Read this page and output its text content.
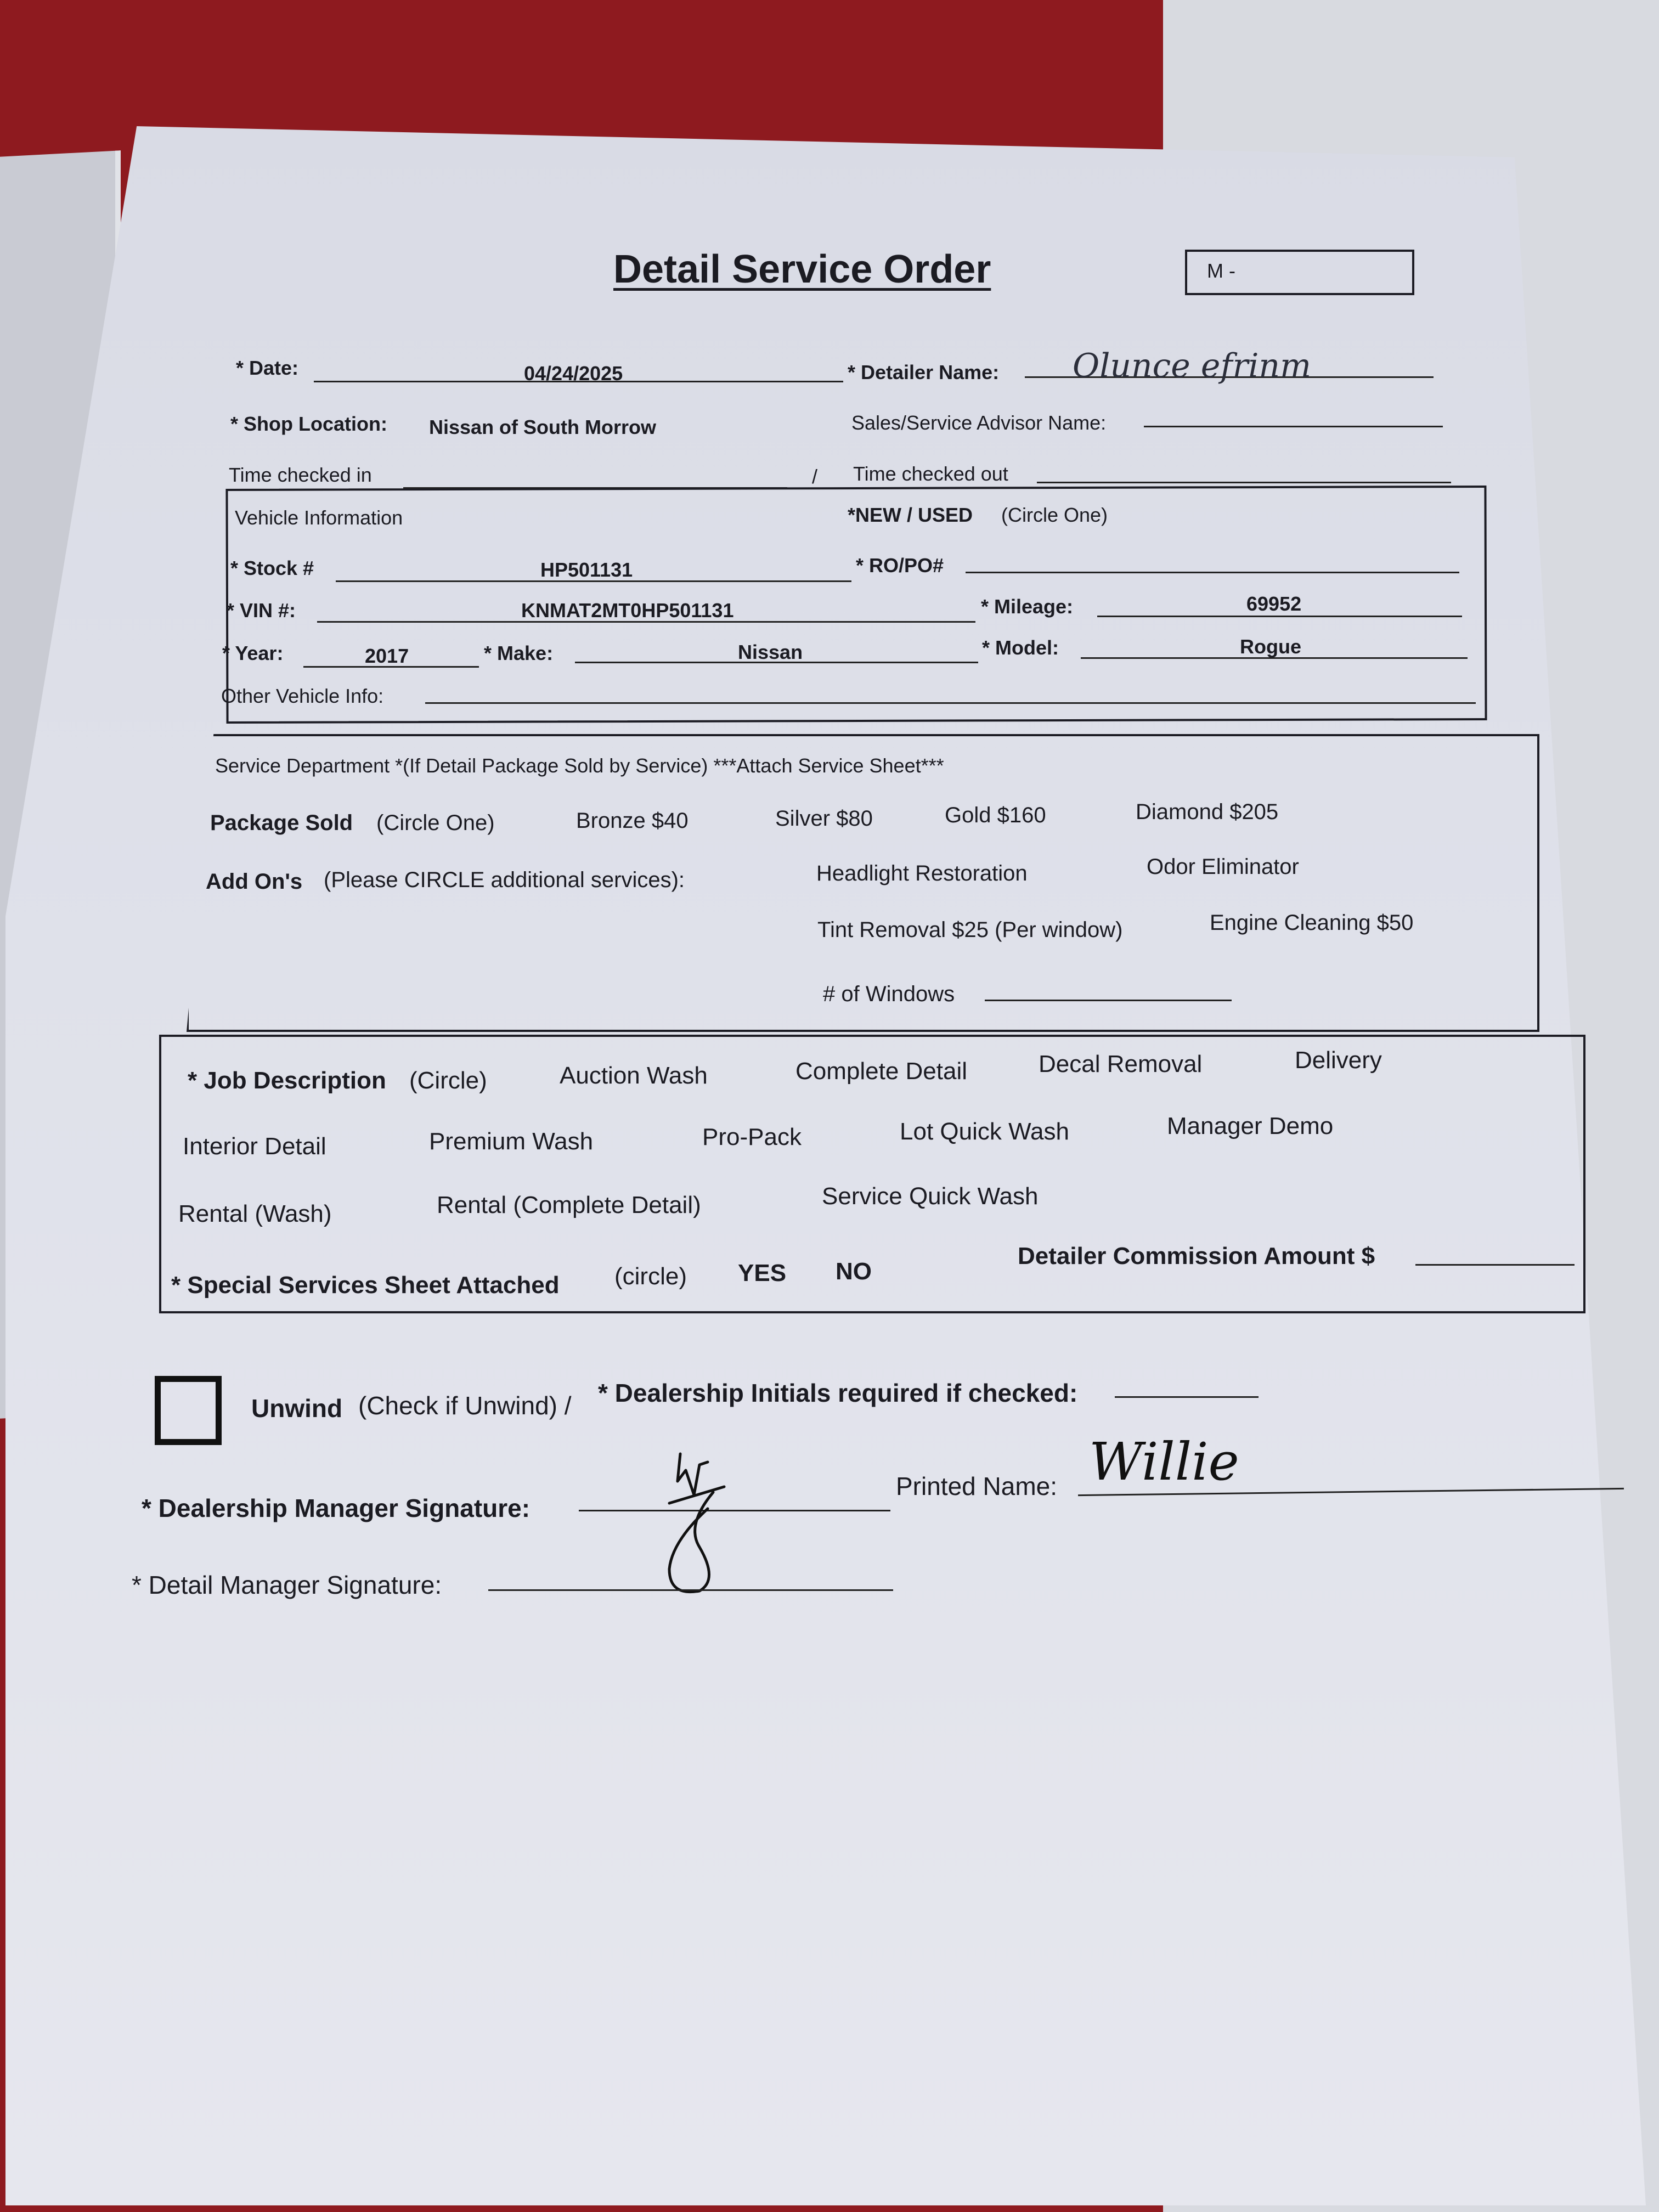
Detail Service Order	M -
* Date:	04/24/2025	* Detailer Name: Olunce efrinm
* Shop Location: Nissan of South Morrow	Sales/Service Advisor Name:
Time checked in	/ Time checked out
Vehicle Information	*NEW / USED (Circle One)
* Stock #	HP501131	* RO/PO#
* VIN #:	KNMAT2MT0HP501131	* Mileage:	69952
* Year:	2017	* Make:	Nissan	* Model:	Rogue
Other Vehicle Info:
Service Department *(If Detail Package Sold by Service) ***Attach Service Sheet***
Package Sold (Circle One)	Bronze $40	Silver $80	Gold $160	Diamond $205
Add On's (Please CIRCLE additional services):	Headlight Restoration	Odor Eliminator
Tint Removal $25 (Per window)	Engine Cleaning $50
# of Windows
* Job Description (Circle)	Auction Wash	Complete Detail	Decal Removal	Delivery
Interior Detail	Premium Wash	Pro-Pack	Lot Quick Wash	Manager Demo
Rental (Wash)	Rental (Complete Detail)	Service Quick Wash
* Special Services Sheet Attached (circle) YES NO
Detailer Commission Amount $
Unwind (Check if Unwind) / * Dealership Initials required if checked:
* Dealership Manager Signature:
Printed Name: Willie
* Detail Manager Signature:
